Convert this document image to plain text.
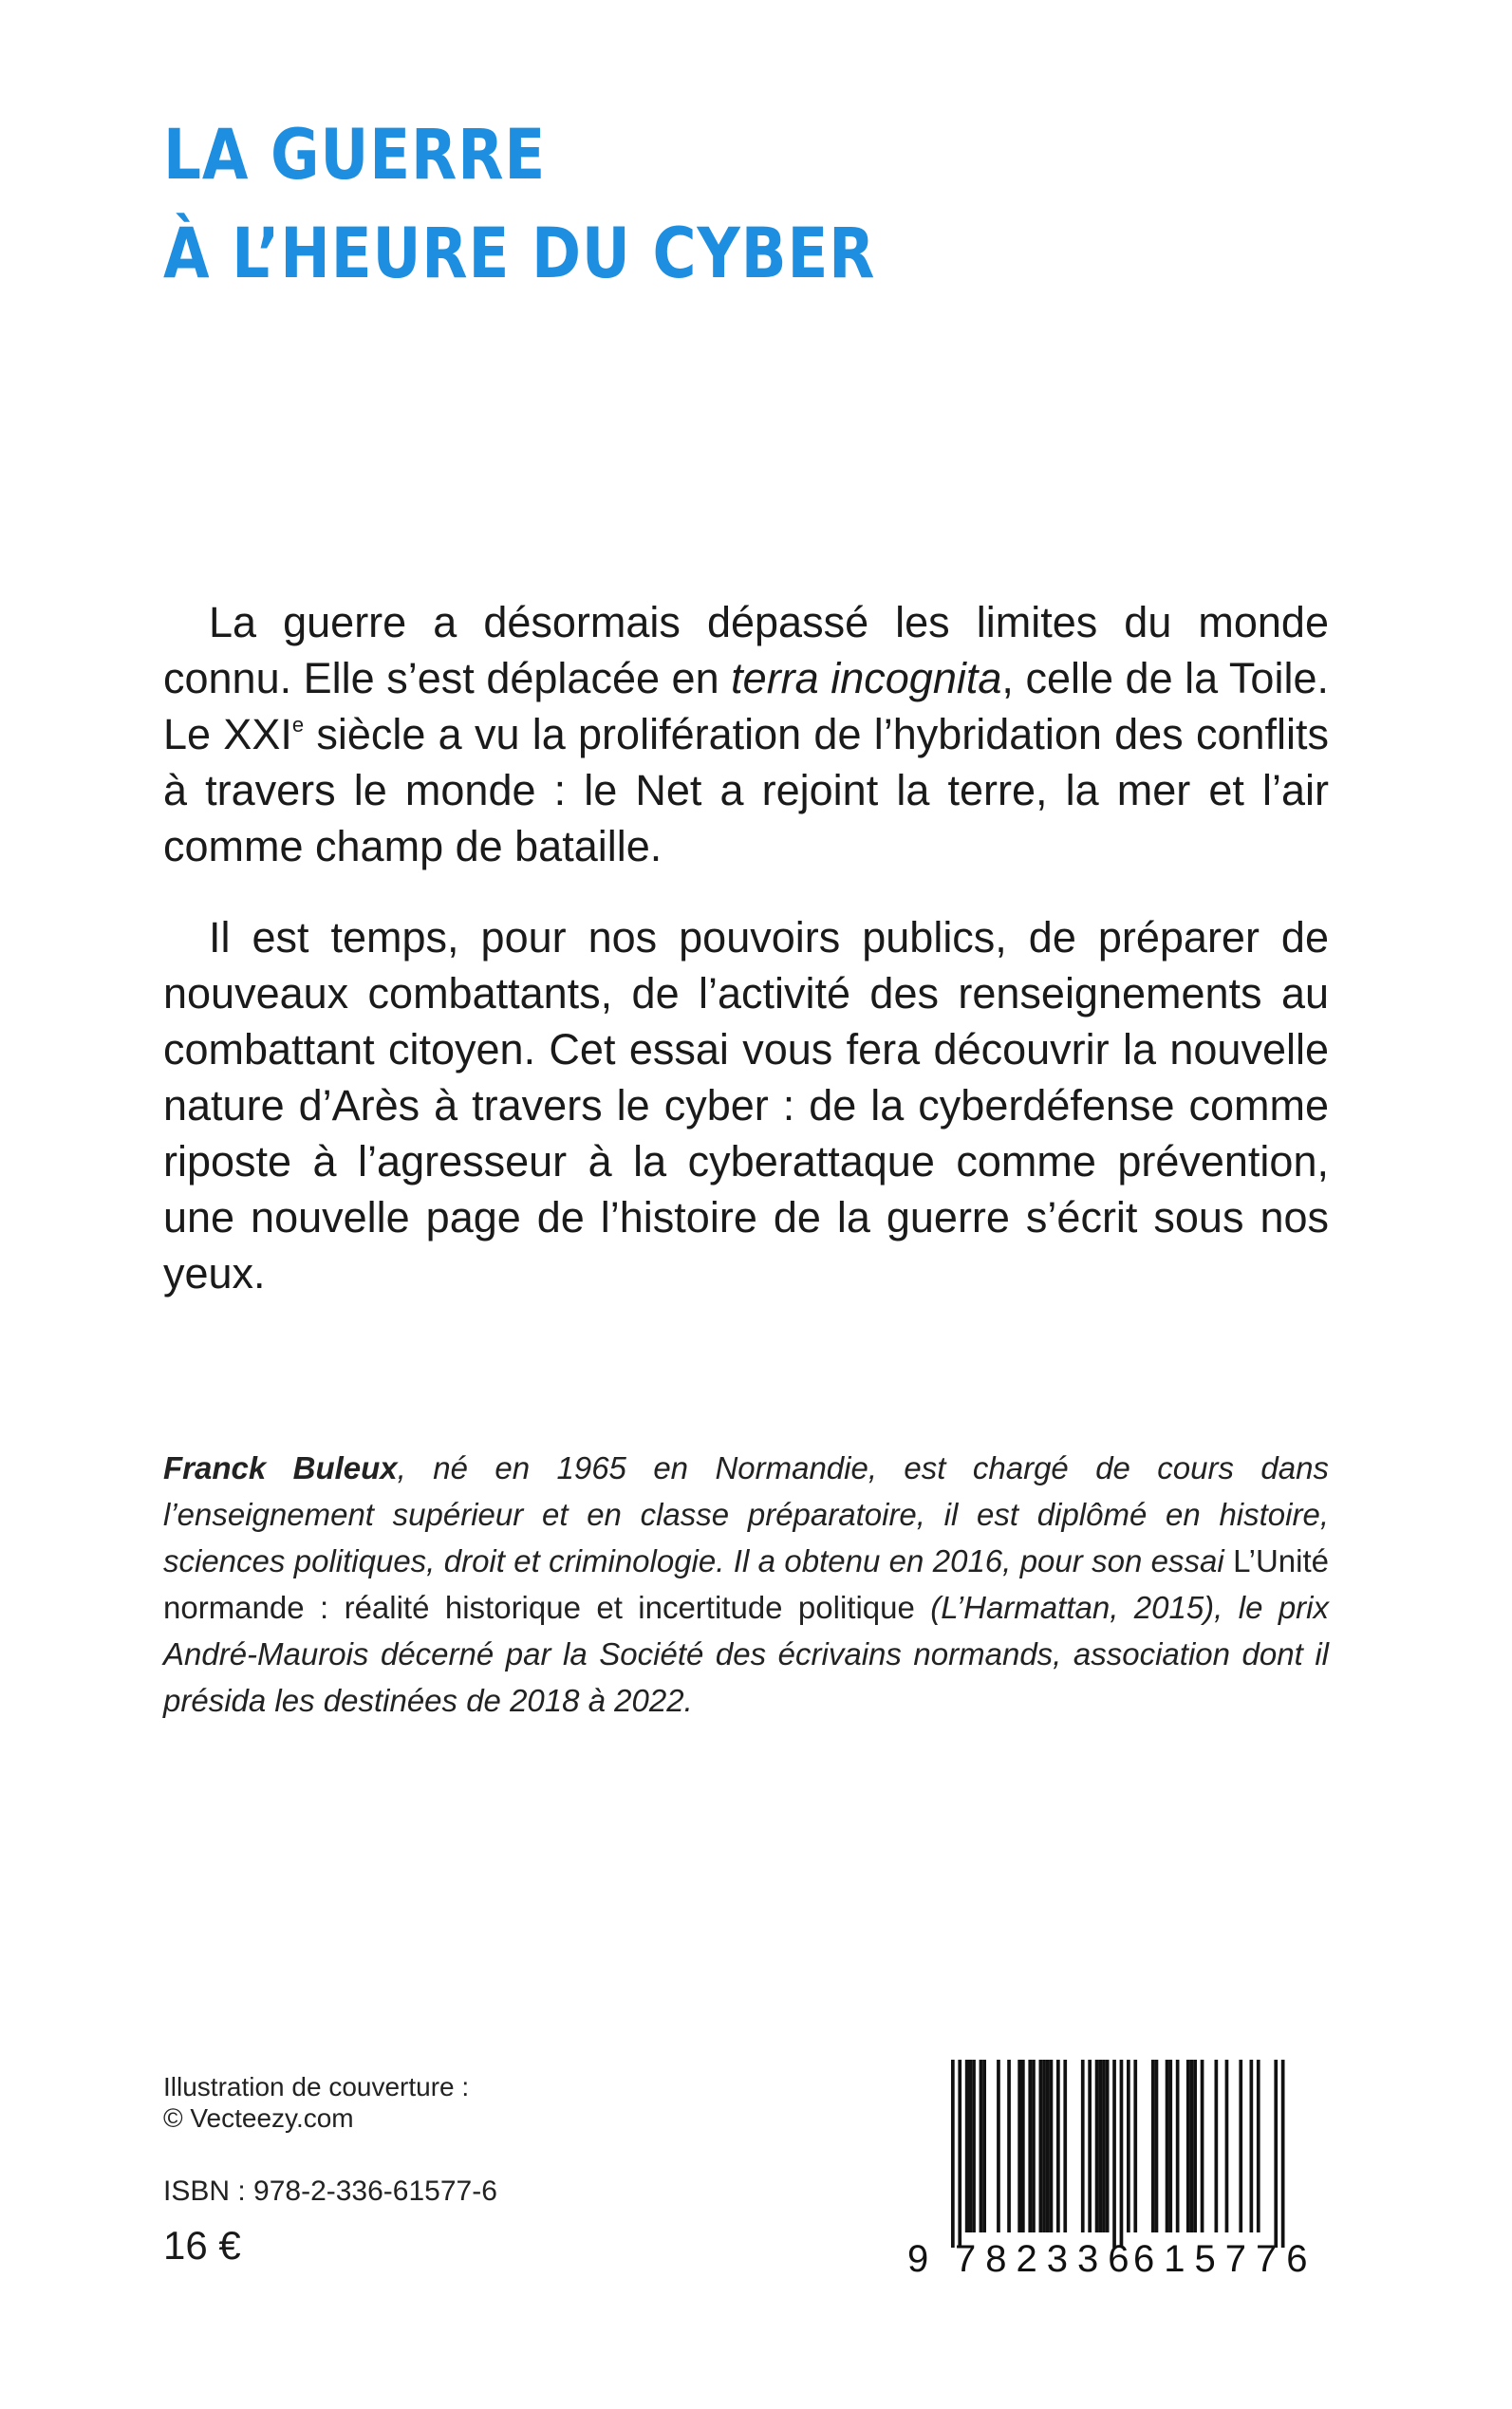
LA GUERRE
À L’HEURE DU CYBER

La guerre a désormais dépassé les limites du monde connu. Elle s’est déplacée en terra incognita, celle de la Toile. Le XXIe siècle a vu la prolifération de l’hybridation des conflits à travers le monde : le Net a rejoint la terre, la mer et l’air comme champ de bataille.

Il est temps, pour nos pouvoirs publics, de préparer de nouveaux combattants, de l’activité des renseignements au combattant citoyen. Cet essai vous fera découvrir la nouvelle nature d’Arès à travers le cyber : de la cyberdéfense comme riposte à l’agresseur à la cyberattaque comme prévention, une nouvelle page de l’histoire de la guerre s’écrit sous nos yeux.

Franck Buleux, né en 1965 en Normandie, est chargé de cours dans l’enseignement supérieur et en classe préparatoire, il est diplômé en histoire, sciences politiques, droit et criminologie. Il a obtenu en 2016, pour son essai L’Unité normande : réalité historique et incertitude politique (L’Harmattan, 2015), le prix André-Maurois décerné par la Société des écrivains normands, association dont il présida les destinées de 2018 à 2022.
Illustration de couverture :
© Vecteezy.com
ISBN : 978-2-336-61577-6
16 €	9 782336
615776
